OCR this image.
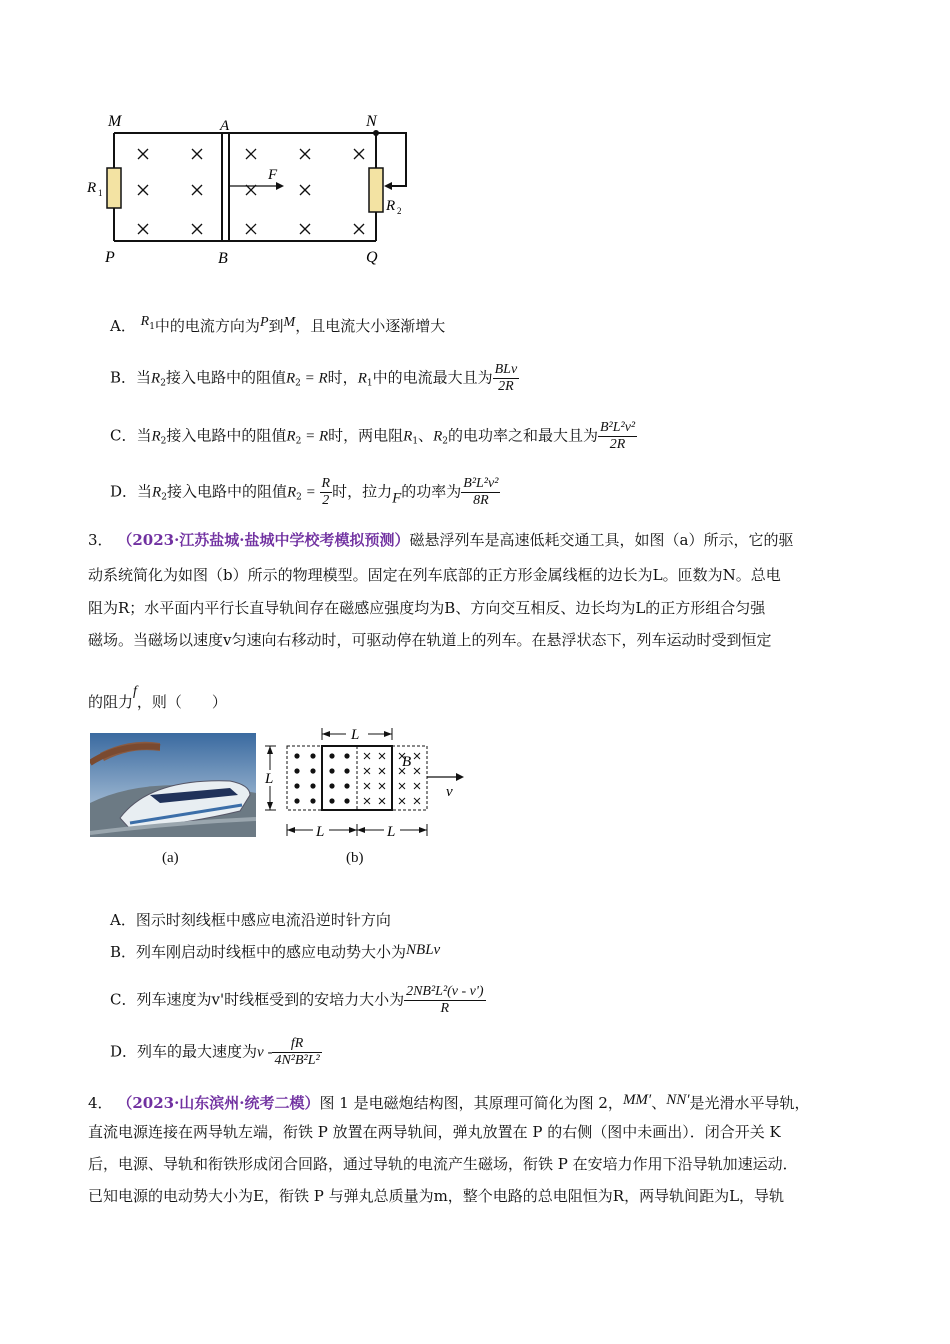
M	A	N
P	B	Q
F
R 1
R 2
A． $R^1$中的电流方向为P到M，且电流大小逐渐增大
B．当$R_2$接入电路中的阻值$R_2 = R$时，$R_1$中的电流最大且为 $\frac{\text{BLv}}{2R}$
C．当$R_2$接入电路中的阻值$R_2 = R$时，两电阻$R_1$、$R_2$的电功率之和最大且为 $\frac{\text{B²L²v²}}{2R}$
D．当$R_2$接入电路中的阻值$R_2 = \frac{R}{2}$ 时，拉力F的功率为 $\frac{\text{B²L²v²}}{8R}$
3． （2023·江苏盐城·盐城中学校考模拟预测）磁悬浮列车是高速低耗交通工具，如图（a）所示，它的驱
动系统简化为如图（b）所示的物理模型。固定在列车底部的正方形金属线框的边长为L。匝数为N。总电
阻为R；水平面内平行长直导轨间存在磁感应强度均为B、方向交互相反、边长均为L的正方形组合匀强
磁场。当磁场以速度v匀速向右移动时，可驱动停在轨道上的列车。在悬浮状态下，列车运动时受到恒定
的阻力f，则（　　）
(a)
L
L
L	L
B
v
(b)
A．图示时刻线框中感应电流沿逆时针方向
B．列车刚启动时线框中的感应电动势大小为NBLv
C．列车速度为v'时线框受到的安培力大小为 $\frac{\text{2NB²L²(v - v')}}{R}$
D．列车的最大速度为v - $\frac{fR}{\text{4N²B²L²}}$
4． （2023·山东滨州·统考二模）图 1 是电磁炮结构图，其原理可简化为图 2，MM′、NN′是光滑水平导轨，
直流电源连接在两导轨左端，衔铁 P 放置在两导轨间，弹丸放置在 P 的右侧（图中未画出）．闭合开关 K
后，电源、导轨和衔铁形成闭合回路，通过导轨的电流产生磁场，衔铁 P 在安培力作用下沿导轨加速运动．
已知电源的电动势大小为E，衔铁 P 与弹丸总质量为m，整个电路的总电阻恒为R，两导轨间距为L，导轨
